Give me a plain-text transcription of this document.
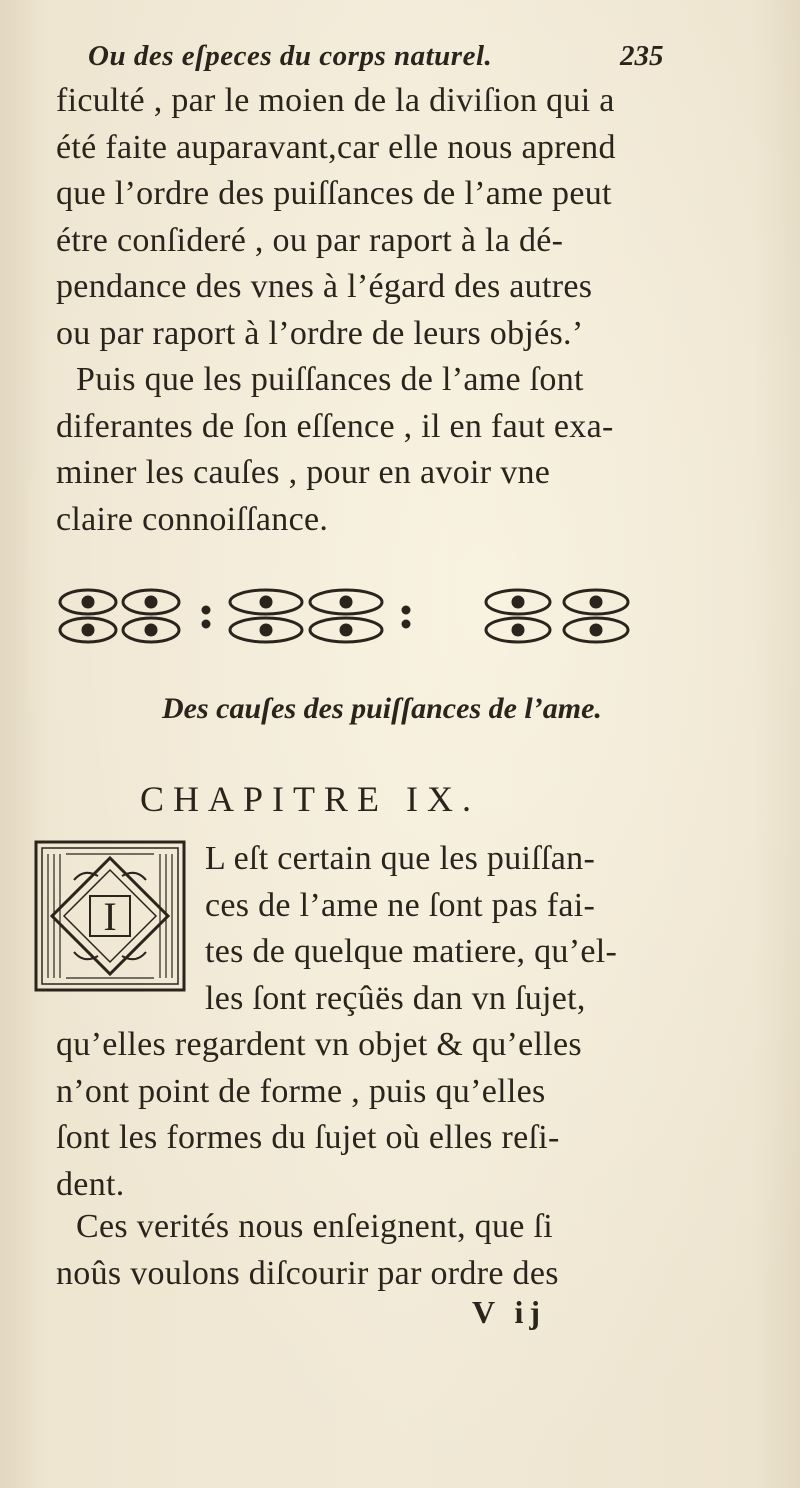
Ou des eſpeces du corps naturel.	235
ficulté , par le moien de la diviſion qui a
été faite auparavant,car elle nous aprend
que l’ordre des puiſſances de l’ame peut
étre conſideré , ou par raport à la dé-
pendance des vnes à l’égard des autres
ou par raport à l’ordre de leurs objés.’
Puis que les puiſſances de l’ame ſont
diferantes de ſon eſſence , il en faut exa-
miner les cauſes , pour en avoir vne
claire connoiſſance.
Des cauſes des puiſſances de l’ame.
CHAPITRE IX.
I
L eſt certain que les puiſſan-
ces de l’ame ne ſont pas fai-
tes de quelque matiere, qu’el-
les ſont reçûës dan vn ſujet,
qu’elles regardent vn objet & qu’elles
n’ont point de forme , puis qu’elles
ſont les formes du ſujet où elles reſi-
dent.
Ces verités nous enſeignent, que ſi
noûs voulons diſcourir par ordre des
V ij
